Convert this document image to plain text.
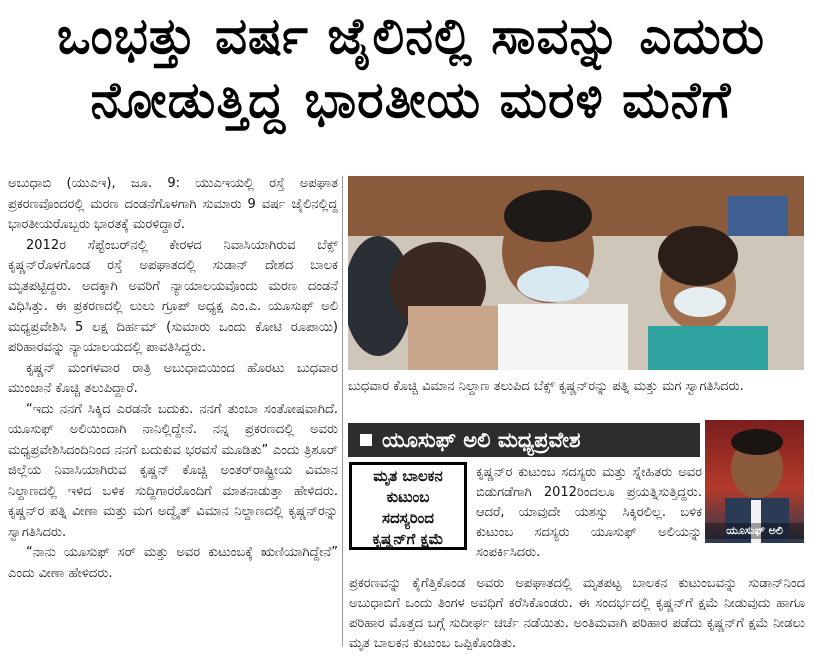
ಒಂಭತ್ತು ವರ್ಷ ಜೈಲಿನಲ್ಲಿ ಸಾವನ್ನು ಎದುರು
ನೋಡುತ್ತಿದ್ದ ಭಾರತೀಯ ಮರಳಿ ಮನೆಗೆ

ಅಬುಧಾಬಿ (ಯುಎಇ), ಜೂ. 9: ಯುಎಇಯಲ್ಲಿ ರಸ್ತೆ ಅಪಘಾತ ಪ್ರಕರಣವೊಂದರಲ್ಲಿ ಮರಣ ದಂಡನೆಗೊಳಗಾಗಿ ಸುಮಾರು 9 ವರ್ಷ ಜೈಲಿನಲ್ಲಿದ್ದ ಭಾರತೀಯರೊಬ್ಬರು ಭಾರತಕ್ಕೆ ಮರಳಿದ್ದಾರೆ.

2012ರ ಸೆಪ್ಟೆಂಬರ್‌ನಲ್ಲಿ ಕೇರಳದ ನಿವಾಸಿಯಾಗಿರುವ ಬೆಕ್ಸ್ ಕೃಷ್ಣನ್‌ರೊಳಗೊಂಡ ರಸ್ತೆ ಅಪಘಾತದಲ್ಲಿ ಸುಡಾನ್ ದೇಶದ ಬಾಲಕ ಮೃತಪಟ್ಟಿದ್ದರು. ಅದಕ್ಕಾಗಿ ಅವರಿಗೆ ನ್ಯಾಯಾಲಯವೊಂದು ಮರಣ ದಂಡನೆ ವಿಧಿಸಿತ್ತು. ಈ ಪ್ರಕರಣದಲ್ಲಿ ಲುಲು ಗ್ರೂಪ್ ಅಧ್ಯಕ್ಷ ಎಂ.ಎ. ಯೂಸುಫ್ ಅಲಿ ಮಧ್ಯಪ್ರವೇಶಿಸಿ 5 ಲಕ್ಷ ದಿರ್ಹಮ್ (ಸುಮಾರು ಒಂದು ಕೋಟಿ ರೂಪಾಯಿ) ಪರಿಹಾರವನ್ನು ನ್ಯಾಯಾಲಯದಲ್ಲಿ ಪಾವತಿಸಿದ್ದರು.

ಕೃಷ್ಣನ್ ಮಂಗಳವಾರ ರಾತ್ರಿ ಅಬುಧಾಬಿಯಿಂದ ಹೊರಟು ಬುಧವಾರ ಮುಂಜಾನೆ ಕೊಚ್ಚಿ ತಲುಪಿದ್ದಾರೆ.

“ಇದು ನನಗೆ ಸಿಕ್ಕಿದ ಎರಡನೇ ಬದುಕು. ನನಗೆ ತುಂಬಾ ಸಂತೋಷವಾಗಿದೆ. ಯೂಸುಫ್ ಅಲಿಯಿಂದಾಗಿ ನಾನಿಲ್ಲಿದ್ದೇನೆ. ನನ್ನ ಪ್ರಕರಣದಲ್ಲಿ ಅವರು ಮಧ್ಯಪ್ರವೇಶಿಸಿದಂದಿನಿಂದ ನನಗೆ ಬದುಕುವ ಭರವಸೆ ಮೂಡಿತು” ಎಂದು ತ್ರಿಶೂರ್ ಜಿಲ್ಲೆಯ ನಿವಾಸಿಯಾಗಿರುವ ಕೃಷ್ಣನ್ ಕೊಚ್ಚಿ ಅಂತರ್‌ರಾಷ್ಟ್ರೀಯ ವಿಮಾನ ನಿಲ್ದಾಣದಲ್ಲಿ ಇಳಿದ ಬಳಿಕ ಸುದ್ದಿಗಾರರೊಂದಿಗೆ ಮಾತನಾಡುತ್ತಾ ಹೇಳಿದರು. ಕೃಷ್ಣನ್‌ರ ಪತ್ನಿ ವೀಣಾ ಮತ್ತು ಮಗ ಅದ್ವೈತ್ ವಿಮಾನ ನಿಲ್ದಾಣದಲ್ಲಿ ಕೃಷ್ಣನ್‌ರನ್ನು ಸ್ವಾಗತಿಸಿದರು.

“ನಾನು ಯೂಸುಫ್ ಸರ್ ಮತ್ತು ಅವರ ಕುಟುಂಬಕ್ಕೆ ಋಣಿಯಾಗಿದ್ದೇನೆ” ಎಂದು ವೀಣಾ ಹೇಳಿದರು.

ಬುಧವಾರ ಕೊಚ್ಚಿ ವಿಮಾನ ನಿಲ್ದಾಣ ತಲುಪಿದ ಬೆಕ್ಸ್ ಕೃಷ್ಣನ್‌ರನ್ನು ಪತ್ನಿ ಮತ್ತು ಮಗ ಸ್ವಾಗತಿಸಿದರು.
ಯೂಸುಫ್ ಅಲಿ ಮಧ್ಯಪ್ರವೇಶ
ಯೂಸುಫ್ ಅಲಿ
ಮೃತ ಬಾಲಕನ
ಕುಟುಂಬ
ಸದಸ್ಯರಿಂದ
ಕೃಷ್ಣನ್‌ಗೆ ಕ್ಷಮೆ

ಕೃಷ್ಣನ್‌ರ ಕುಟುಂಬ ಸದಸ್ಯರು ಮತ್ತು ಸ್ನೇಹಿತರು ಅವರ ಬಿಡುಗಡೆಗಾಗಿ 2012ರಿಂದಲೂ ಪ್ರಯತ್ನಿಸುತ್ತಿದ್ದರು. ಆದರೆ, ಯಾವುದೇ ಯಶಸ್ಸು ಸಿಕ್ಕಿರಲಿಲ್ಲ. ಬಳಿಕ ಕುಟುಂಬ ಸದಸ್ಯರು ಯೂಸುಫ್ ಅಲಿಯನ್ನು ಸಂಪರ್ಕಿಸಿದರು.

ಪ್ರಕರಣವನ್ನು ಕೈಗೆತ್ತಿಕೊಂಡ ಅವರು ಅಪಘಾತದಲ್ಲಿ ಮೃತಪಟ್ಟ ಬಾಲಕನ ಕುಟುಂಬವನ್ನು ಸುಡಾನ್‌ನಿಂದ ಅಬುಧಾಬಿಗೆ ಒಂದು ತಿಂಗಳ ಅವಧಿಗೆ ಕರೆಸಿಕೊಂಡರು. ಈ ಸಂದರ್ಭದಲ್ಲಿ ಕೃಷ್ಣನ್‌ಗೆ ಕ್ಷಮೆ ನೀಡುವುದು ಹಾಗೂ ಪರಿಹಾರ ಮೊತ್ತದ ಬಗ್ಗೆ ಸುದೀರ್ಘ ಚರ್ಚೆ ನಡೆಯಿತು. ಅಂತಿಮವಾಗಿ ಪರಿಹಾರ ಪಡೆದು ಕೃಷ್ಣನ್‌ಗೆ ಕ್ಷಮೆ ನೀಡಲು ಮೃತ ಬಾಲಕನ ಕುಟುಂಬ ಒಪ್ಪಿಕೊಂಡಿತು.
